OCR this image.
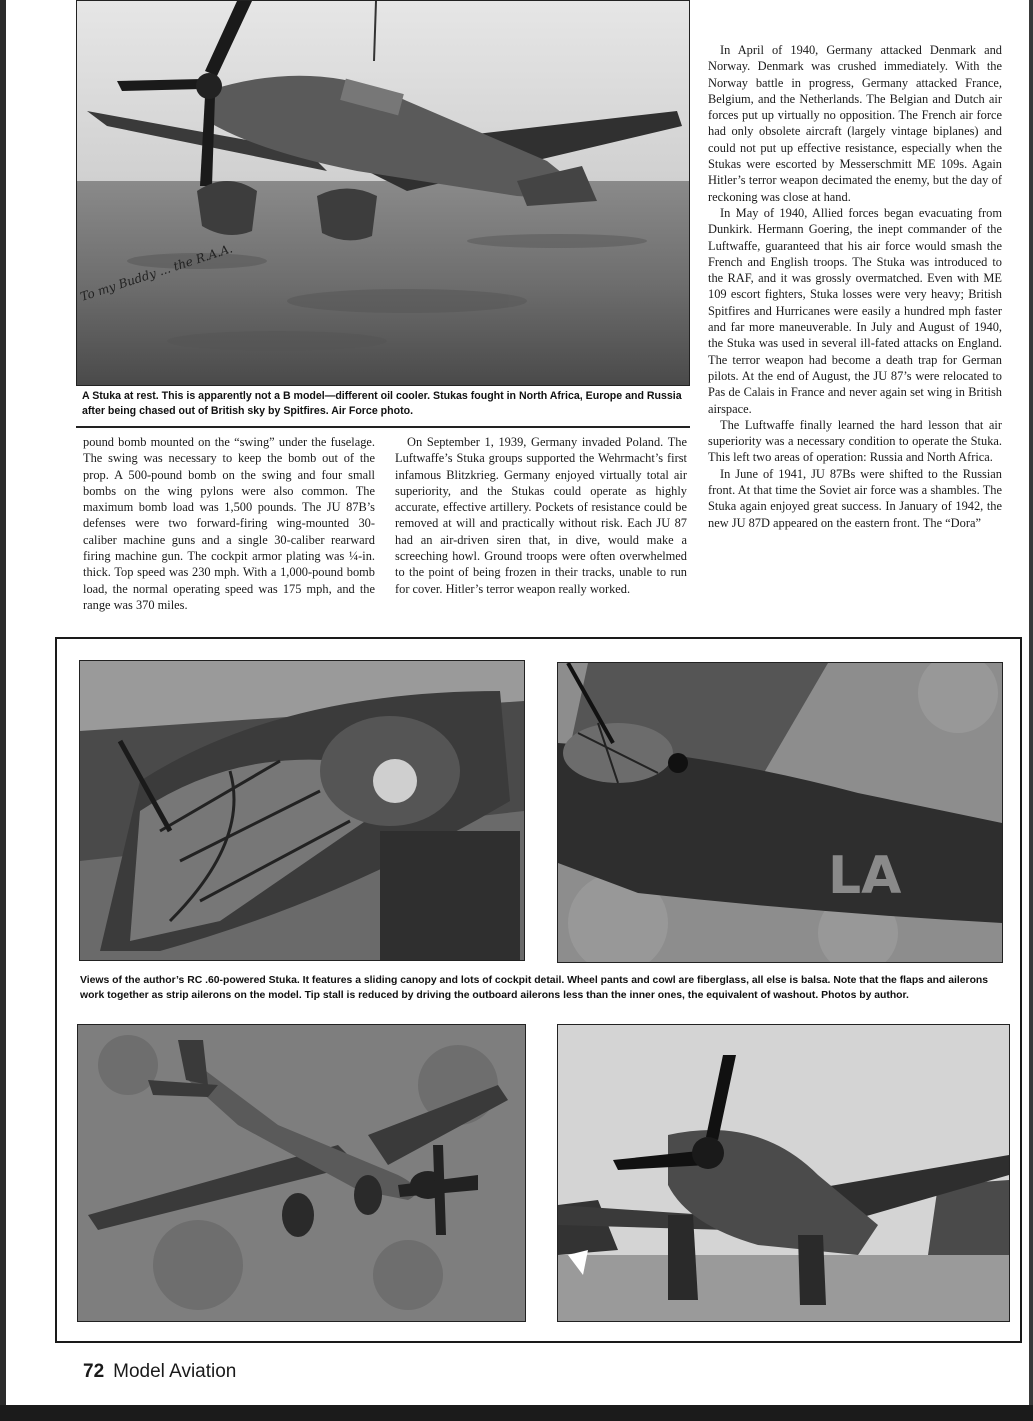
To my Buddy ... the R.A.A.
A Stuka at rest. This is apparently not a B model—different oil cooler. Stukas fought in North Africa, Europe and Russia after being chased out of British sky by Spitfires. Air Force photo.

pound bomb mounted on the “swing” under the fuselage. The swing was necessary to keep the bomb out of the prop. A 500-pound bomb on the swing and four small bombs on the wing pylons were also common. The maximum bomb load was 1,500 pounds. The JU 87B’s defenses were two forward-firing wing-mounted 30-caliber machine guns and a single 30-caliber rearward firing machine gun. The cockpit armor plating was ¼-in. thick. Top speed was 230 mph. With a 1,000-pound bomb load, the normal operating speed was 175 mph, and the range was 370 miles.

On September 1, 1939, Germany invaded Poland. The Luftwaffe’s Stuka groups supported the Wehrmacht’s first infamous Blitzkrieg. Germany enjoyed virtually total air superiority, and the Stukas could operate as highly accurate, effective artillery. Pockets of resistance could be removed at will and practically without risk. Each JU 87 had an air-driven siren that, in dive, would make a screeching howl. Ground troops were often overwhelmed to the point of being frozen in their tracks, unable to run for cover. Hitler’s terror weapon really worked.

In April of 1940, Germany attacked Denmark and Norway. Denmark was crushed immediately. With the Norway battle in progress, Germany attacked France, Belgium, and the Netherlands. The Belgian and Dutch air forces put up virtually no opposition. The French air force had only obsolete aircraft (largely vintage biplanes) and could not put up effective resistance, especially when the Stukas were escorted by Messerschmitt ME 109s. Again Hitler’s terror weapon decimated the enemy, but the day of reckoning was close at hand.

In May of 1940, Allied forces began evacuating from Dunkirk. Hermann Goering, the inept commander of the Luftwaffe, guaranteed that his air force would smash the French and English troops. The Stuka was introduced to the RAF, and it was grossly overmatched. Even with ME 109 escort fighters, Stuka losses were very heavy; British Spitfires and Hurricanes were easily a hundred mph faster and far more maneuverable. In July and August of 1940, the Stuka was used in several ill-fated attacks on England. The terror weapon had become a death trap for German pilots. At the end of August, the JU 87’s were relocated to Pas de Calais in France and never again set wing in British airspace.

The Luftwaffe finally learned the hard lesson that air superiority was a necessary condition to operate the Stuka. This left two areas of operation: Russia and North Africa.

In June of 1941, JU 87Bs were shifted to the Russian front. At that time the Soviet air force was a shambles. The Stuka again enjoyed great success. In January of 1942, the new JU 87D appeared on the eastern front. The “Dora”

LA
Views of the author’s RC .60-powered Stuka. It features a sliding canopy and lots of cockpit detail. Wheel pants and cowl are fiberglass, all else is balsa. Note that the flaps and ailerons work together as strip ailerons on the model. Tip stall is reduced by driving the outboard ailerons less than the inner ones, the equivalent of washout. Photos by author.
72 Model Aviation
